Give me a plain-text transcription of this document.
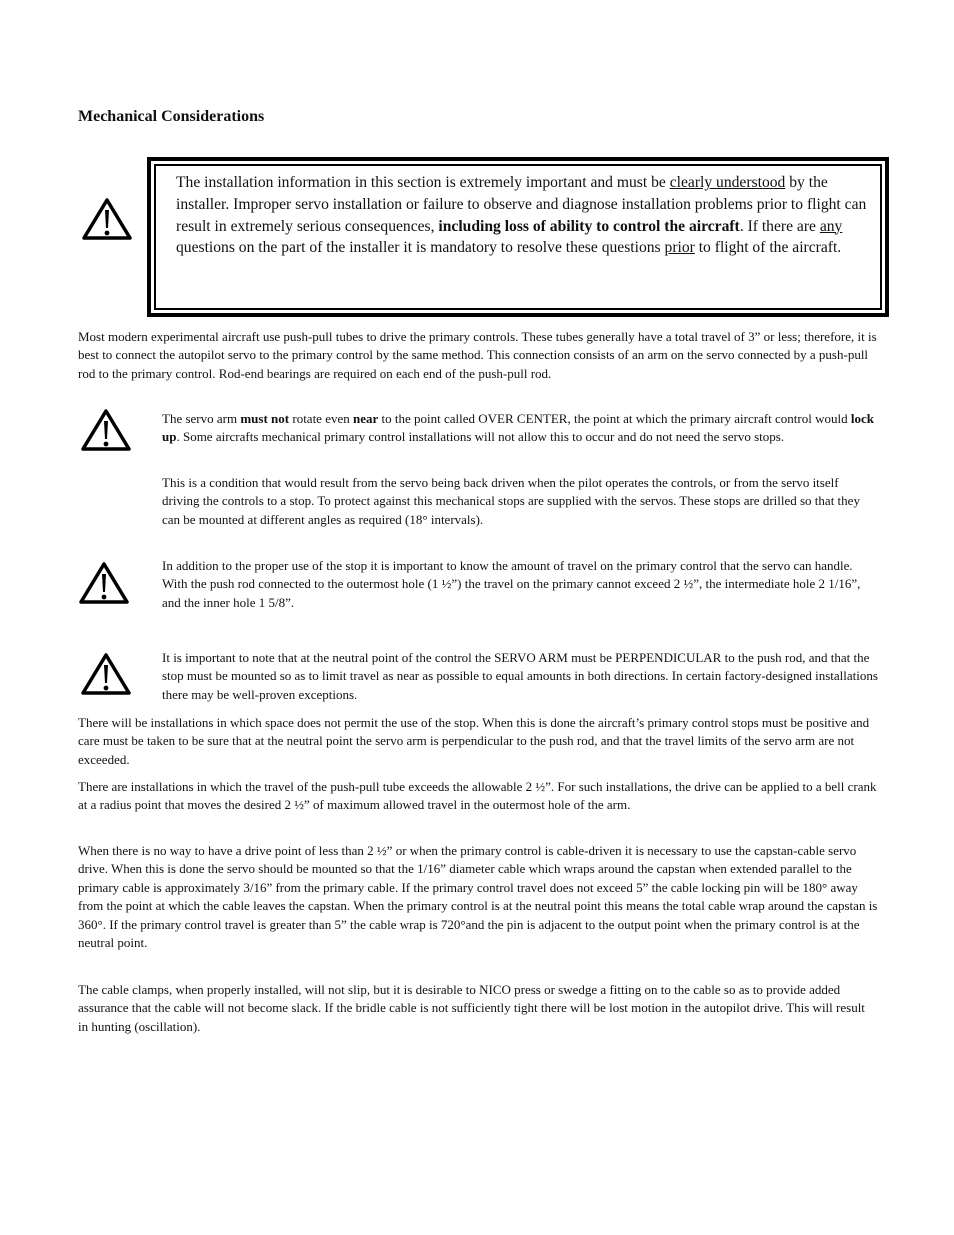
Mechanical Considerations
The installation information in this section is extremely important and must be clearly understood by the installer. Improper servo installation or failure to observe and diagnose installation problems prior to flight can result in extremely serious consequences, including loss of ability to control the aircraft. If there are any questions on the part of the installer it is mandatory to resolve these questions prior to flight of the aircraft.

Most modern experimental aircraft use push-pull tubes to drive the primary controls. These tubes generally have a total travel of 3” or less; therefore, it is best to connect the autopilot servo to the primary control by the same method. This connection consists of an arm on the servo connected by a push-pull rod to the primary control. Rod-end bearings are required on each end of the push-pull rod.

The servo arm must not rotate even near to the point called OVER CENTER, the point at which the primary aircraft control would lock up. Some aircrafts mechanical primary control installations will not allow this to occur and do not need the servo stops.

This is a condition that would result from the servo being back driven when the pilot operates the controls, or from the servo itself driving the controls to a stop. To protect against this mechanical stops are supplied with the servos. These stops are drilled so that they can be mounted at different angles as required (18° intervals).

In addition to the proper use of the stop it is important to know the amount of travel on the primary control that the servo can handle. With the push rod connected to the outermost hole (1 ½”) the travel on the primary cannot exceed 2 ½”, the intermediate hole 2 1/16”, and the inner hole 1 5/8”.

It is important to note that at the neutral point of the control the SERVO ARM must be PERPENDICULAR to the push rod, and that the stop must be mounted so as to limit travel as near as possible to equal amounts in both directions. In certain factory-designed installations there may be well-proven exceptions.

There will be installations in which space does not permit the use of the stop. When this is done the aircraft’s primary control stops must be positive and care must be taken to be sure that at the neutral point the servo arm is perpendicular to the push rod, and that the travel limits of the servo arm are not exceeded.

There are installations in which the travel of the push-pull tube exceeds the allowable 2 ½”. For such installations, the drive can be applied to a bell crank at a radius point that moves the desired 2 ½” of maximum allowed travel in the outermost hole of the arm.

When there is no way to have a drive point of less than 2 ½” or when the primary control is cable-driven it is necessary to use the capstan-cable servo drive. When this is done the servo should be mounted so that the 1/16” diameter cable which wraps around the capstan when extended parallel to the primary cable is approximately 3/16” from the primary cable. If the primary control travel does not exceed 5” the cable locking pin will be 180° away from the point at which the cable leaves the capstan. When the primary control is at the neutral point this means the total cable wrap around the capstan is 360°. If the primary control travel is greater than 5” the cable wrap is 720°and the pin is adjacent to the output point when the primary control is at the neutral point.

The cable clamps, when properly installed, will not slip, but it is desirable to NICO press or swedge a fitting on to the cable so as to provide added assurance that the cable will not become slack. If the bridle cable is not sufficiently tight there will be lost motion in the autopilot drive. This will result in hunting (oscillation).
